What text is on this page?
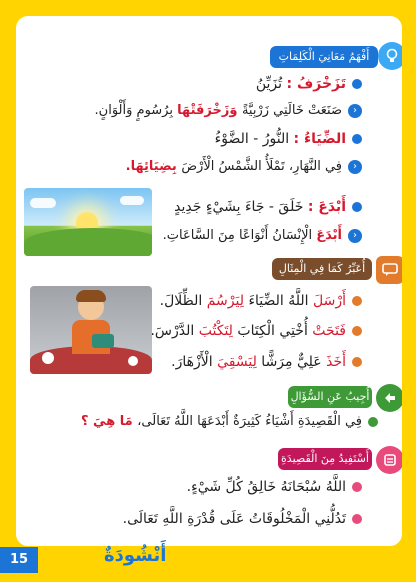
أَفْهَمُ مَعَانِيَ الْكَلِمَاتِ
تَزَخْرَفُ : تُزَيِّنُ
‹صَنَعَتْ خَالَتِي زَرْبِيَّةً وَزَخْرَفَتْهَا بِرُسُومٍ وَأَلْوَانٍ.
الضِّيَاءُ : النُّورُ - الضَّوْءُ
‹فِي النَّهَارِ، تَمْلَأُ الشَّمْسُ الْأَرْضَ بِضِيَائِهَا.
أَبْدَعَ : خَلَقَ - جَاءَ بِشَيْءٍ جَدِيدٍ
‹أَبْدَعَ الْإِنْسَانُ أَنْوَاعًا مِنَ السَّاعَاتِ.
أُعَبِّرُ كَمَا فِي الْمِثَالِ
أَرْسَلَ اللَّهُ الضِّيَاءَ لِيَرْسُمَ الظِّلَالَ.
فَتَحَتْ أُخْتِي الْكِتَابَ لِتَكْتُبَ الدَّرْسَ.
أَخَذَ عَلِيٌّ مِرَشًّا لِيَسْقِيَ الْأَزْهَارَ.
أُجِيبُ عَنِ السُّؤَالِ
فِي الْقَصِيدَةِ أَشْيَاءُ كَثِيرَةٌ أَبْدَعَهَا اللَّهُ تَعَالَى، مَا هِيَ ؟
أَسْتَفِيدُ مِنَ الْقَصِيدَةِ
اللَّهُ سُبْحَانَهُ خَالِقُ كُلِّ شَيْءٍ.
تَدُلُّنِي الْمَخْلُوقَاتُ عَلَى قُدْرَةِ اللَّهِ تَعَالَى.
15	أَنْشُودَةٌ
